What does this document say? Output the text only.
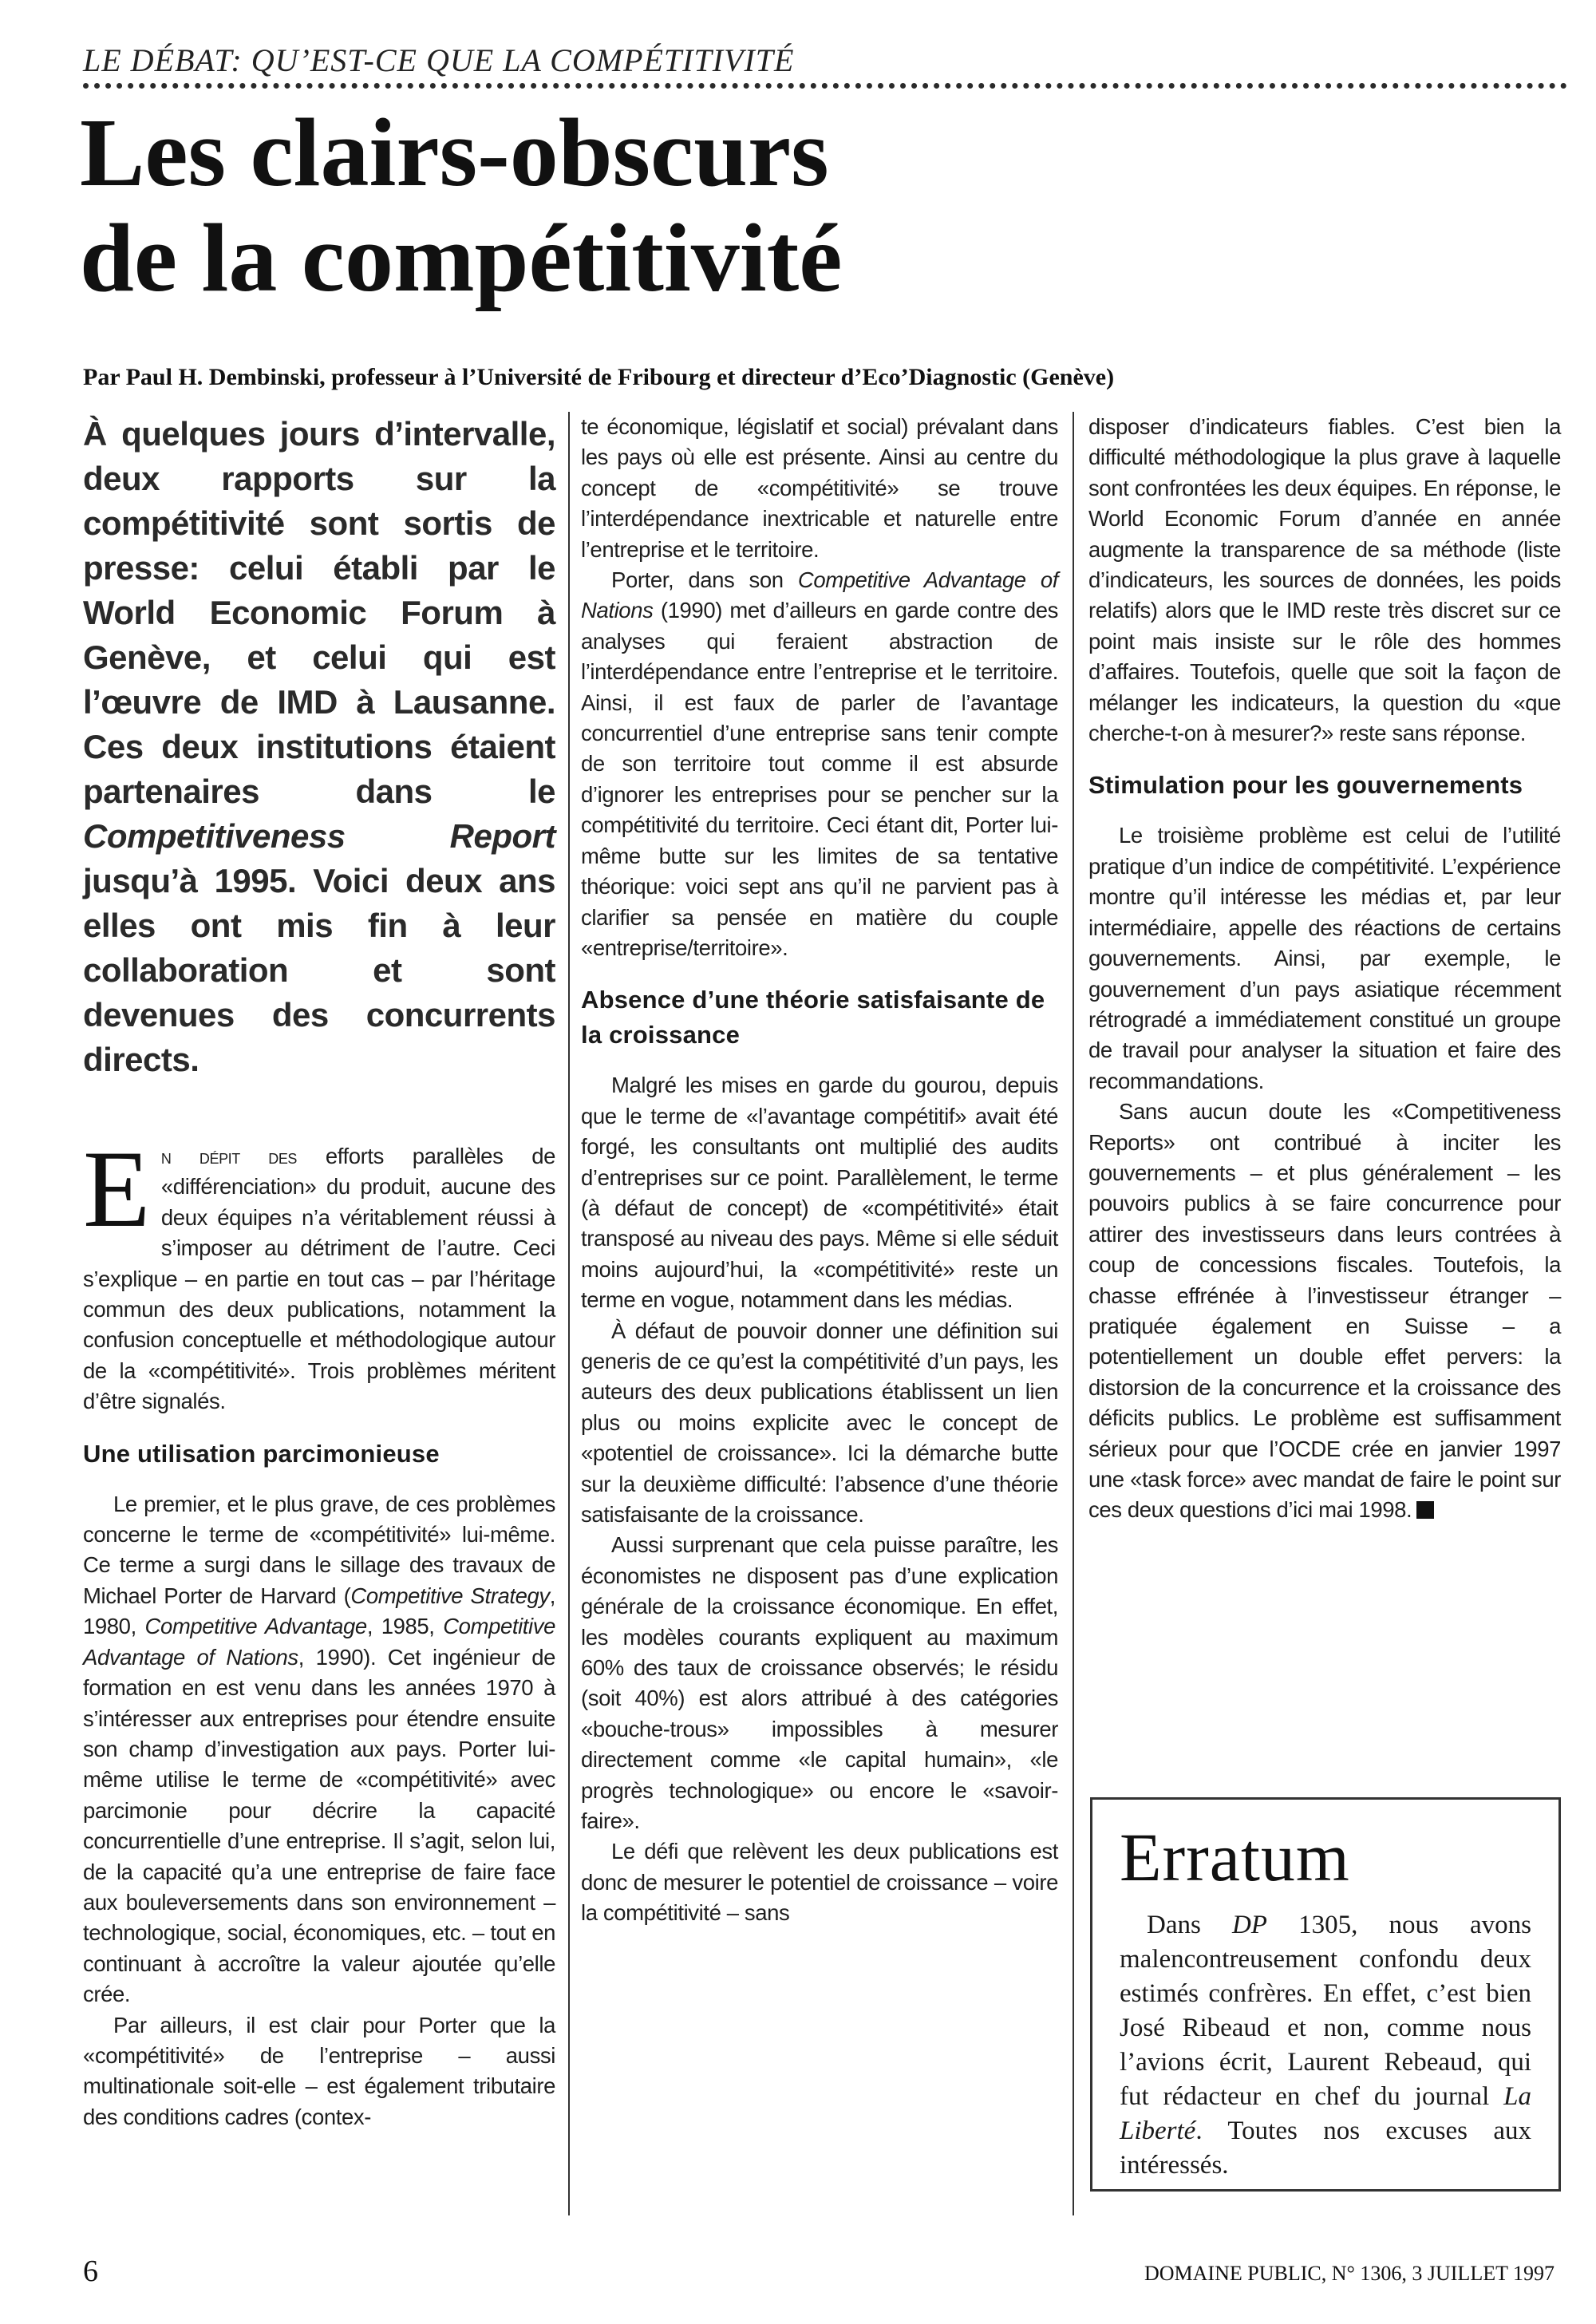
LE DÉBAT: QU’EST-CE QUE LA COMPÉTITIVITÉ
Les clairs-obscurs
de la compétitivité
Par Paul H. Dembinski, professeur à l’Université de Fribourg et directeur d’Eco’Diagnostic (Genève)
À quelques jours d’intervalle, deux rapports sur la compétitivité sont sortis de presse: celui établi par le World Economic Forum à Genève, et celui qui est l’œuvre de IMD à Lausanne. Ces deux institutions étaient partenaires dans le Competitiveness Report jusqu’à 1995. Voici deux ans elles ont mis fin à leur collaboration et sont devenues des concurrents directs.

En dépit des efforts parallèles de «différenciation» du produit, aucune des deux équipes n’a véritablement réussi à s’imposer au détriment de l’autre. Ceci s’explique – en partie en tout cas – par l’héritage commun des deux publications, notamment la confusion conceptuelle et méthodologique autour de la «compétitivité». Trois problèmes méritent d’être signalés.

Une utilisation parcimonieuse

Le premier, et le plus grave, de ces problèmes concerne le terme de «compétitivité» lui-même. Ce terme a surgi dans le sillage des travaux de Michael Porter de Harvard (Competitive Strategy, 1980, Competitive Advantage, 1985, Competitive Advantage of Nations, 1990). Cet ingénieur de formation en est venu dans les années 1970 à s’intéresser aux entreprises pour étendre ensuite son champ d’investigation aux pays. Porter lui-même utilise le terme de «compétitivité» avec parcimonie pour décrire la capacité concurrentielle d’une entreprise. Il s’agit, selon lui, de la capacité qu’a une entreprise de faire face aux bouleversements dans son environnement – technologique, social, économiques, etc. – tout en continuant à accroître la valeur ajoutée qu’elle crée.

Par ailleurs, il est clair pour Porter que la «compétitivité» de l’entreprise – aussi multinationale soit-elle – est également tributaire des conditions cadres (contex-

te économique, législatif et social) prévalant dans les pays où elle est présente. Ainsi au centre du concept de «compétitivité» se trouve l’interdépendance inextricable et naturelle entre l’entreprise et le territoire.

Porter, dans son Competitive Advantage of Nations (1990) met d’ailleurs en garde contre des analyses qui feraient abstraction de l’interdépendance entre l’entreprise et le territoire. Ainsi, il est faux de parler de l’avantage concurrentiel d’une entreprise sans tenir compte de son territoire tout comme il est absurde d’ignorer les entreprises pour se pencher sur la compétitivité du territoire. Ceci étant dit, Porter lui-même butte sur les limites de sa tentative théorique: voici sept ans qu’il ne parvient pas à clarifier sa pensée en matière du couple «entreprise/territoire».

Absence d’une théorie satisfaisante de la croissance

Malgré les mises en garde du gourou, depuis que le terme de «l’avantage compétitif» avait été forgé, les consultants ont multiplié des audits d’entreprises sur ce point. Parallèlement, le terme (à défaut de concept) de «compétitivité» était transposé au niveau des pays. Même si elle séduit moins aujourd’hui, la «compétitivité» reste un terme en vogue, notamment dans les médias.

À défaut de pouvoir donner une définition sui generis de ce qu’est la compétitivité d’un pays, les auteurs des deux publications établissent un lien plus ou moins explicite avec le concept de «potentiel de croissance». Ici la démarche butte sur la deuxième difficulté: l’absence d’une théorie satisfaisante de la croissance.

Aussi surprenant que cela puisse paraître, les économistes ne disposent pas d’une explication générale de la croissance économique. En effet, les modèles courants expliquent au maximum 60% des taux de croissance observés; le résidu (soit 40%) est alors attribué à des catégories «bouche-trous» impossibles à mesurer directement comme «le capital humain», «le progrès technologique» ou encore le «savoir-faire».

Le défi que relèvent les deux publications est donc de mesurer le potentiel de croissance – voire la compétitivité – sans

disposer d’indicateurs fiables. C’est bien la difficulté méthodologique la plus grave à laquelle sont confrontées les deux équipes. En réponse, le World Economic Forum d’année en année augmente la transparence de sa méthode (liste d’indicateurs, les sources de données, les poids relatifs) alors que le IMD reste très discret sur ce point mais insiste sur le rôle des hommes d’affaires. Toutefois, quelle que soit la façon de mélanger les indicateurs, la question du «que cherche-t-on à mesurer?» reste sans réponse.

Stimulation pour les gouvernements

Le troisième problème est celui de l’utilité pratique d’un indice de compétitivité. L’expérience montre qu’il intéresse les médias et, par leur intermédiaire, appelle des réactions de certains gouvernements. Ainsi, par exemple, le gouvernement d’un pays asiatique récemment rétrogradé a immédiatement constitué un groupe de travail pour analyser la situation et faire des recommandations.

Sans aucun doute les «Competitiveness Reports» ont contribué à inciter les gouvernements – et plus généralement – les pouvoirs publics à se faire concurrence pour attirer des investisseurs dans leurs contrées à coup de concessions fiscales. Toutefois, la chasse effrénée à l’investisseur étranger – pratiquée également en Suisse – a potentiellement un double effet pervers: la distorsion de la concurrence et la croissance des déficits publics. Le problème est suffisamment sérieux pour que l’OCDE crée en janvier 1997 une «task force» avec mandat de faire le point sur ces deux questions d’ici mai 1998.

Erratum

Dans DP 1305, nous avons malencontreusement confondu deux estimés confrères. En effet, c’est bien José Ribeaud et non, comme nous l’avions écrit, Laurent Rebeaud, qui fut rédacteur en chef du journal La Liberté. Toutes nos excuses aux intéressés.

6	DOMAINE PUBLIC, N° 1306, 3 JUILLET 1997
